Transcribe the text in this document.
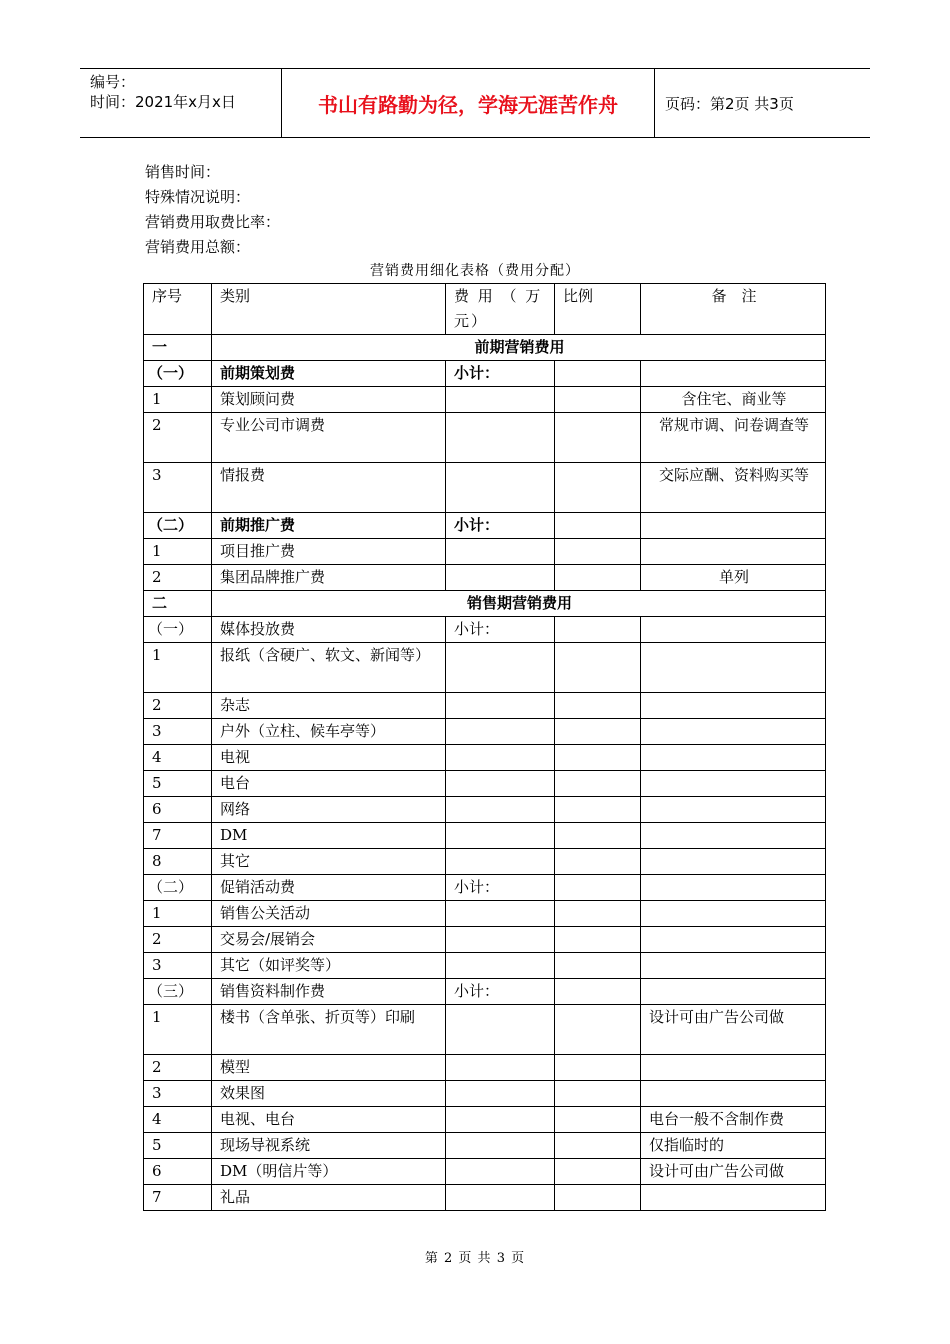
编号：
时间：2021年x月x日	书山有路勤为径，学海无涯苦作舟	页码：第2页 共3页
销售时间：
特殊情况说明：
营销费用取费比率：
营销费用总额：
营销费用细化表格（费用分配）
序号	类别	费 用 （ 万元）	比例	备　注
一	前期营销费用			
（一）	前期策划费	小计：		
1	策划顾问费			含住宅、商业等
2	专业公司市调费			常规市调、问卷调查等
3	情报费			交际应酬、资料购买等
（二）	前期推广费	小计：		
1	项目推广费			
2	集团品牌推广费			单列
二	销售期营销费用			
（一）	媒体投放费	小计：		
1	报纸（含硬广、软文、新闻等）			
2	杂志			
3	户外（立柱、候车亭等）			
4	电视			
5	电台			
6	网络			
7	DM			
8	其它			
（二）	促销活动费	小计：		
1	销售公关活动			
2	交易会/展销会			
3	其它（如评奖等）			
（三）	销售资料制作费	小计：		
1	楼书（含单张、折页等）印刷			设计可由广告公司做
2	模型			
3	效果图			
4	电视、电台			电台一般不含制作费
5	现场导视系统			仅指临时的
6	DM（明信片等）			设计可由广告公司做
7	礼品			
第 2 页 共 3 页
